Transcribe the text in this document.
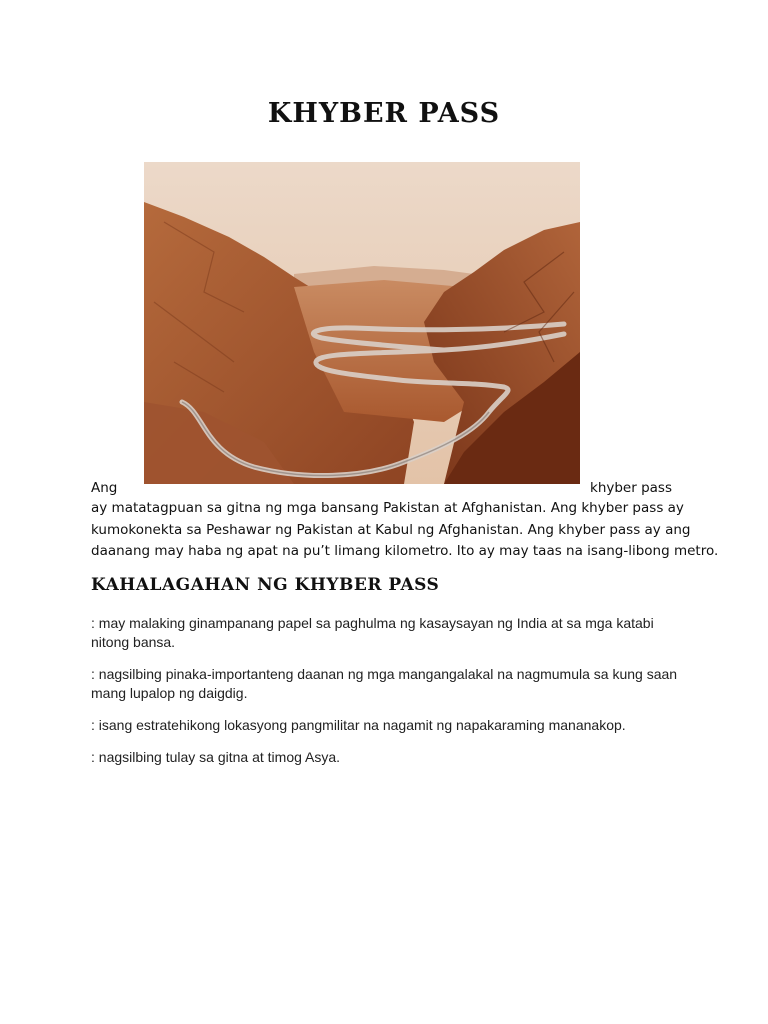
KHYBER PASS
Ang	khyber pass
ay matatagpuan sa gitna ng mga bansang Pakistan at Afghanistan. Ang khyber pass ay
kumokonekta sa Peshawar ng Pakistan at Kabul ng Afghanistan. Ang khyber pass ay ang
daanang may haba ng apat na pu’t limang kilometro. Ito ay may taas na isang-libong metro.
KAHALAGAHAN NG KHYBER PASS

: may malaking ginampanang papel sa paghulma ng kasaysayan ng India at sa mga katabi nitong bansa.

: nagsilbing pinaka-importanteng daanan ng mga mangangalakal na nagmumula sa kung saan mang lupalop ng daigdig.

: isang estratehikong lokasyong pangmilitar na nagamit ng napakaraming mananakop.

: nagsilbing tulay sa gitna at timog Asya.
